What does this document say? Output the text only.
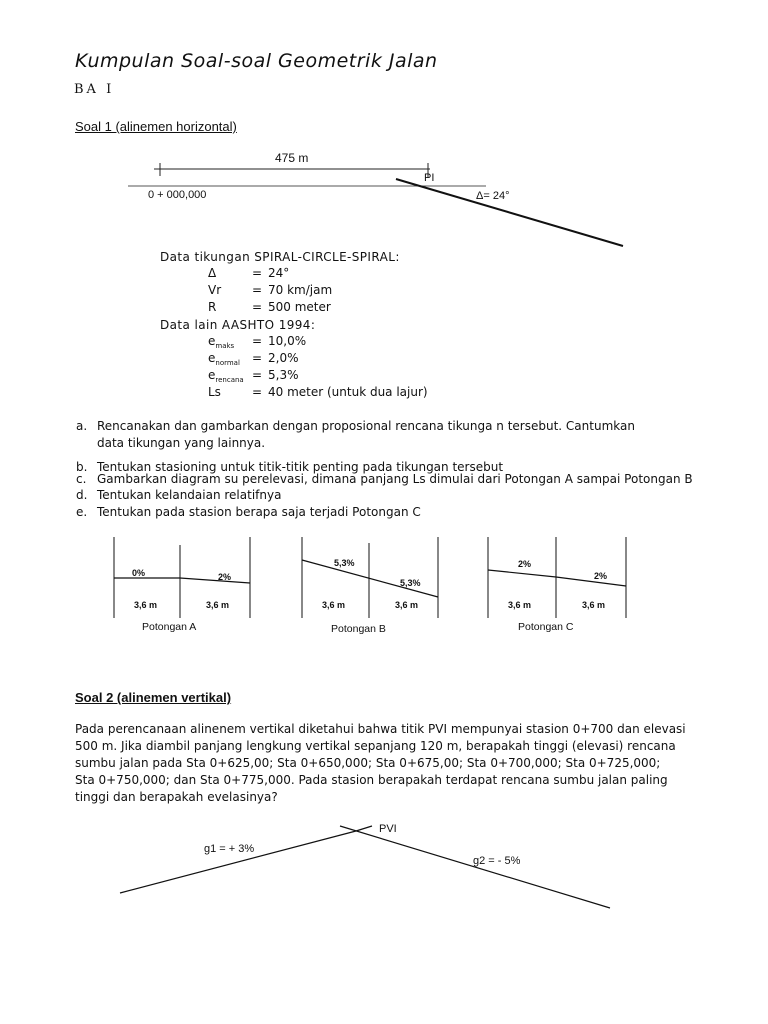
Kumpulan Soal-soal Geometrik Jalan
BA I
Soal 1 (alinemen horizontal)
475 m
PI
0 + 000,000	Δ= 24°
Data tikungan SPIRAL-CIRCLE-SPIRAL:
Δ	= 24°
Vr	= 70 km/jam
R	= 500 meter
Data lain AASHTO 1994:
emaks = 10,0%
enormal = 2,0%
erencana = 5,3%
Ls	= 40 meter (untuk dua lajur)
a. Rencanakan dan gambarkan dengan proposional rencana tikunga n tersebut. Cantumkan
data tikungan yang lainnya.
b. Tentukan stasioning untuk titik-titik penting pada tikungan tersebut
c. Gambarkan diagram su perelevasi, dimana panjang Ls dimulai dari Potongan A sampai Potongan B
d. Tentukan kelandaian relatifnya
e. Tentukan pada stasion berapa saja terjadi Potongan C
0%	2%
3,6 m	3,6 m
Potongan A
5,3%
5,3%
3,6 m	3,6 m
Potongan B
2%
2%
3,6 m	3,6 m
Potongan C
Soal 2 (alinemen vertikal)
Pada perencanaan alinenem vertikal diketahui bahwa titik PVI mempunyai stasion 0+700 dan elevasi
500 m. Jika diambil panjang lengkung vertikal sepanjang 120 m, berapakah tinggi (elevasi) rencana
sumbu jalan pada Sta 0+625,00; Sta 0+650,000; Sta 0+675,00; Sta 0+700,000; Sta 0+725,000;
Sta 0+750,000; dan Sta 0+775,000. Pada stasion berapakah terdapat rencana sumbu jalan paling
tinggi dan berapakah evelasinya?
PVI
g1 = + 3%
g2 = - 5%
